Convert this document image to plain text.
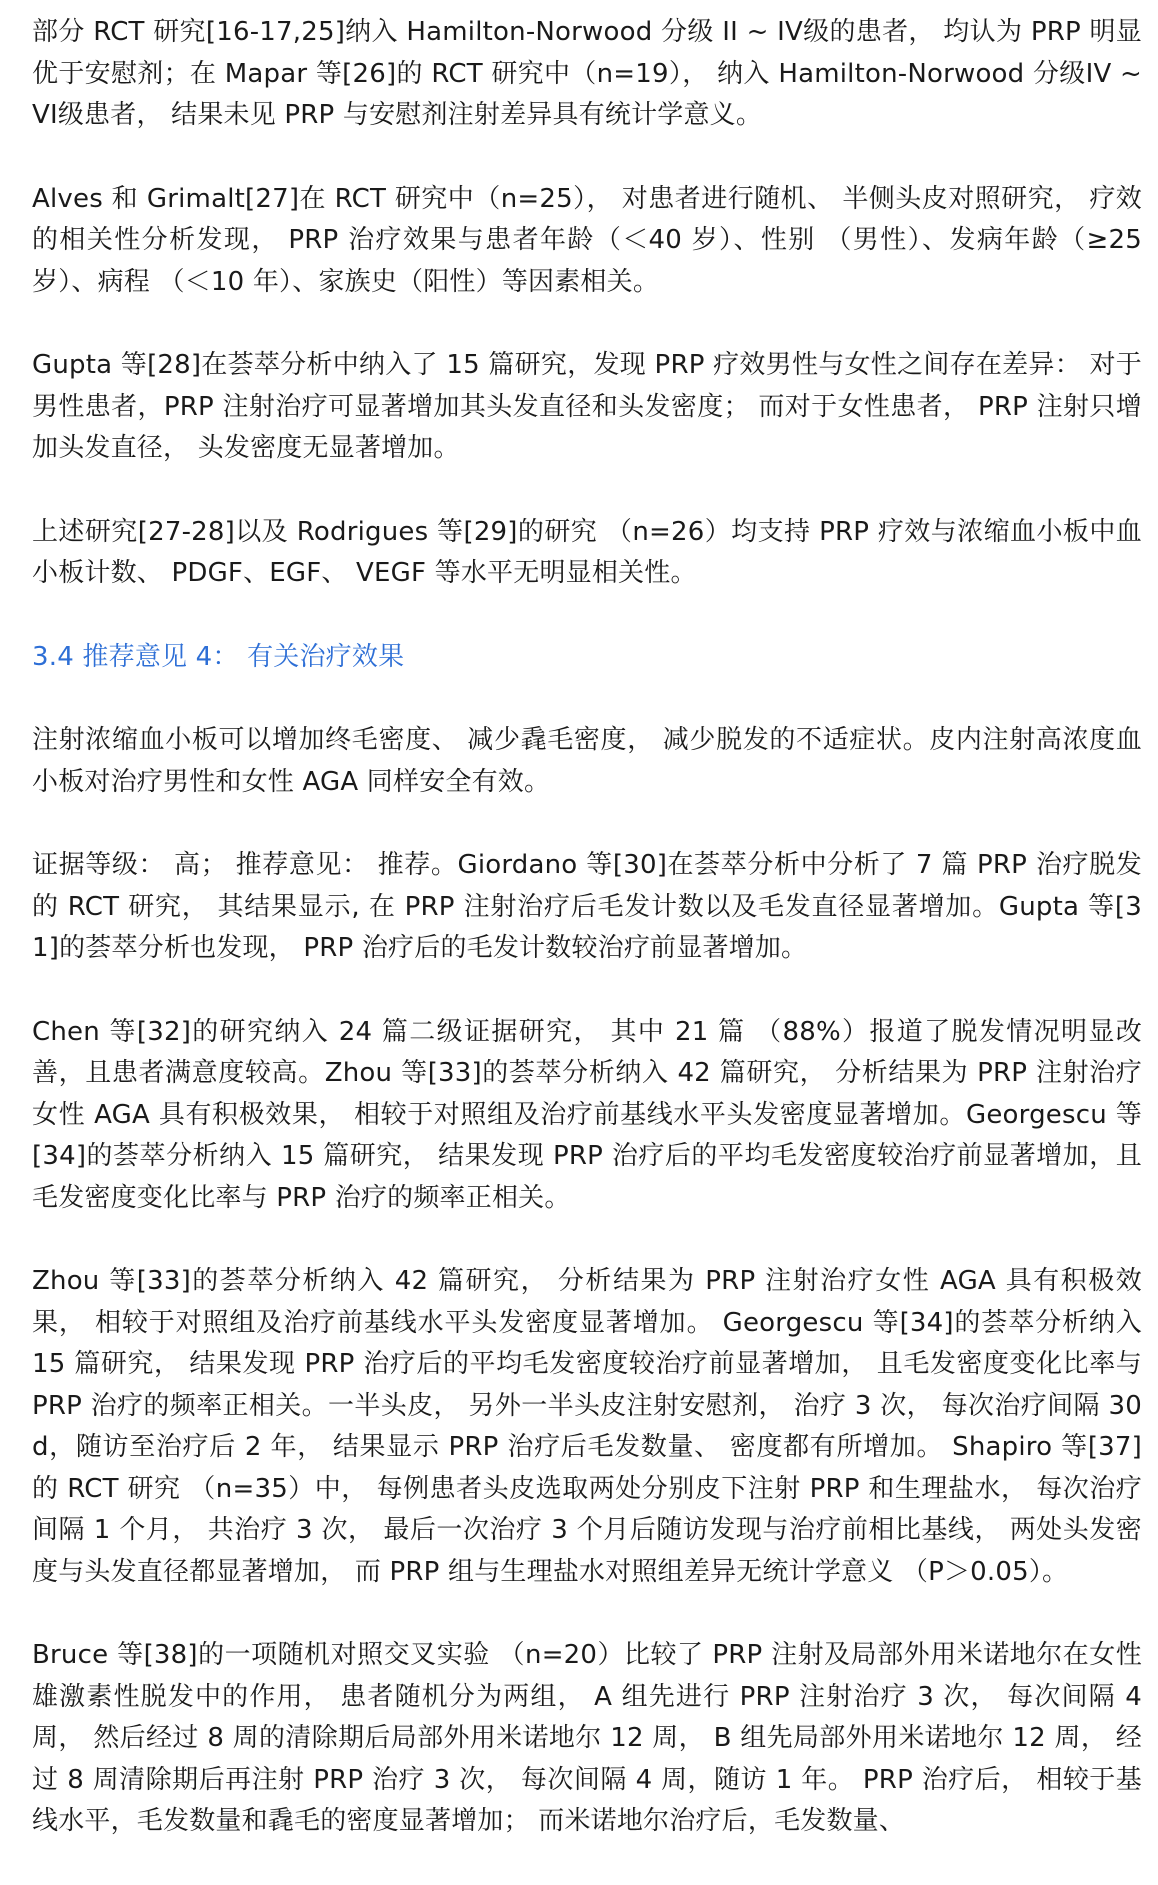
部分 RCT 研究[16-17,25]纳入 Hamilton-Norwood 分级 II ~ IV级的患者， 均认为 PRP 明显优于安慰剂；在 Mapar 等[26]的 RCT 研究中（n=19）， 纳入 Hamilton-Norwood 分级IV ~ VI级患者， 结果未见 PRP 与安慰剂注射差异具有统计学意义。

Alves 和 Grimalt[27]在 RCT 研究中（n=25）， 对患者进行随机、 半侧头皮对照研究， 疗效的相关性分析发现， PRP 治疗效果与患者年龄（＜40 岁）、性别 （男性）、发病年龄（≥25 岁）、病程 （＜10 年）、家族史（阳性）等因素相关。

Gupta 等[28]在荟萃分析中纳入了 15 篇研究，发现 PRP 疗效男性与女性之间存在差异： 对于男性患者，PRP 注射治疗可显著增加其头发直径和头发密度； 而对于女性患者， PRP 注射只增加头发直径， 头发密度无显著增加。

上述研究[27-28]以及 Rodrigues 等[29]的研究 （n=26）均支持 PRP 疗效与浓缩血小板中血小板计数、 PDGF、EGF、 VEGF 等水平无明显相关性。

3.4 推荐意见 4： 有关治疗效果

注射浓缩血小板可以增加终毛密度、 减少毳毛密度， 减少脱发的不适症状。皮内注射高浓度血小板对治疗男性和女性 AGA 同样安全有效。

证据等级： 高； 推荐意见： 推荐。Giordano 等[30]在荟萃分析中分析了 7 篇 PRP 治疗脱发的 RCT 研究， 其结果显示, 在 PRP 注射治疗后毛发计数以及毛发直径显著增加。Gupta 等[31]的荟萃分析也发现， PRP 治疗后的毛发计数较治疗前显著增加。

Chen 等[32]的研究纳入 24 篇二级证据研究， 其中 21 篇 （88%）报道了脱发情况明显改善，且患者满意度较高。Zhou 等[33]的荟萃分析纳入 42 篇研究， 分析结果为 PRP 注射治疗女性 AGA 具有积极效果， 相较于对照组及治疗前基线水平头发密度显著增加。Georgescu 等[34]的荟萃分析纳入 15 篇研究， 结果发现 PRP 治疗后的平均毛发密度较治疗前显著增加，且毛发密度变化比率与 PRP 治疗的频率正相关。

Zhou 等[33]的荟萃分析纳入 42 篇研究， 分析结果为 PRP 注射治疗女性 AGA 具有积极效果， 相较于对照组及治疗前基线水平头发密度显著增加。 Georgescu 等[34]的荟萃分析纳入 15 篇研究， 结果发现 PRP 治疗后的平均毛发密度较治疗前显著增加， 且毛发密度变化比率与 PRP 治疗的频率正相关。一半头皮， 另外一半头皮注射安慰剂， 治疗 3 次， 每次治疗间隔 30 d，随访至治疗后 2 年， 结果显示 PRP 治疗后毛发数量、 密度都有所增加。 Shapiro 等[37]的 RCT 研究 （n=35）中， 每例患者头皮选取两处分别皮下注射 PRP 和生理盐水， 每次治疗间隔 1 个月， 共治疗 3 次， 最后一次治疗 3 个月后随访发现与治疗前相比基线， 两处头发密度与头发直径都显著增加， 而 PRP 组与生理盐水对照组差异无统计学意义 （P＞0.05）。

Bruce 等[38]的一项随机对照交叉实验 （n=20）比较了 PRP 注射及局部外用米诺地尔在女性雄激素性脱发中的作用， 患者随机分为两组， A 组先进行 PRP 注射治疗 3 次， 每次间隔 4 周， 然后经过 8 周的清除期后局部外用米诺地尔 12 周， B 组先局部外用米诺地尔 12 周， 经过 8 周清除期后再注射 PRP 治疗 3 次， 每次间隔 4 周，随访 1 年。 PRP 治疗后， 相较于基线水平，毛发数量和毳毛的密度显著增加； 而米诺地尔治疗后，毛发数量、
